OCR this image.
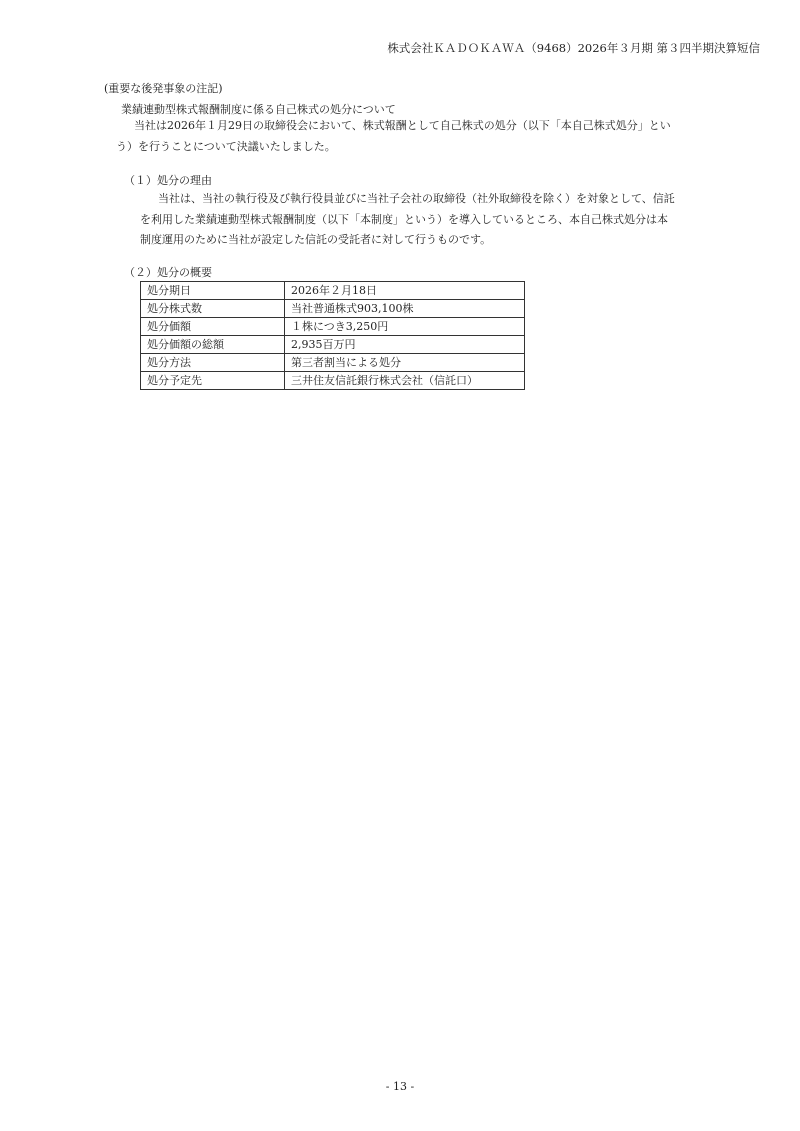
株式会社ＫＡＤＯＫＡＷＡ（9468）2026年３月期 第３四半期決算短信
(重要な後発事象の注記)
業績連動型株式報酬制度に係る自己株式の処分について
当社は2026年１月29日の取締役会において、株式報酬として自己株式の処分（以下「本自己株式処分」とい
う）を行うことについて決議いたしました。
（１）処分の理由
当社は、当社の執行役及び執行役員並びに当社子会社の取締役（社外取締役を除く）を対象として、信託
を利用した業績連動型株式報酬制度（以下「本制度」という）を導入しているところ、本自己株式処分は本
制度運用のために当社が設定した信託の受託者に対して行うものです。
（２）処分の概要
処分期日	2026年２月18日
処分株式数	当社普通株式903,100株
処分価額	１株につき3,250円
処分価額の総額	2,935百万円
処分方法	第三者割当による処分
処分予定先	三井住友信託銀行株式会社（信託口）
- 13 -
